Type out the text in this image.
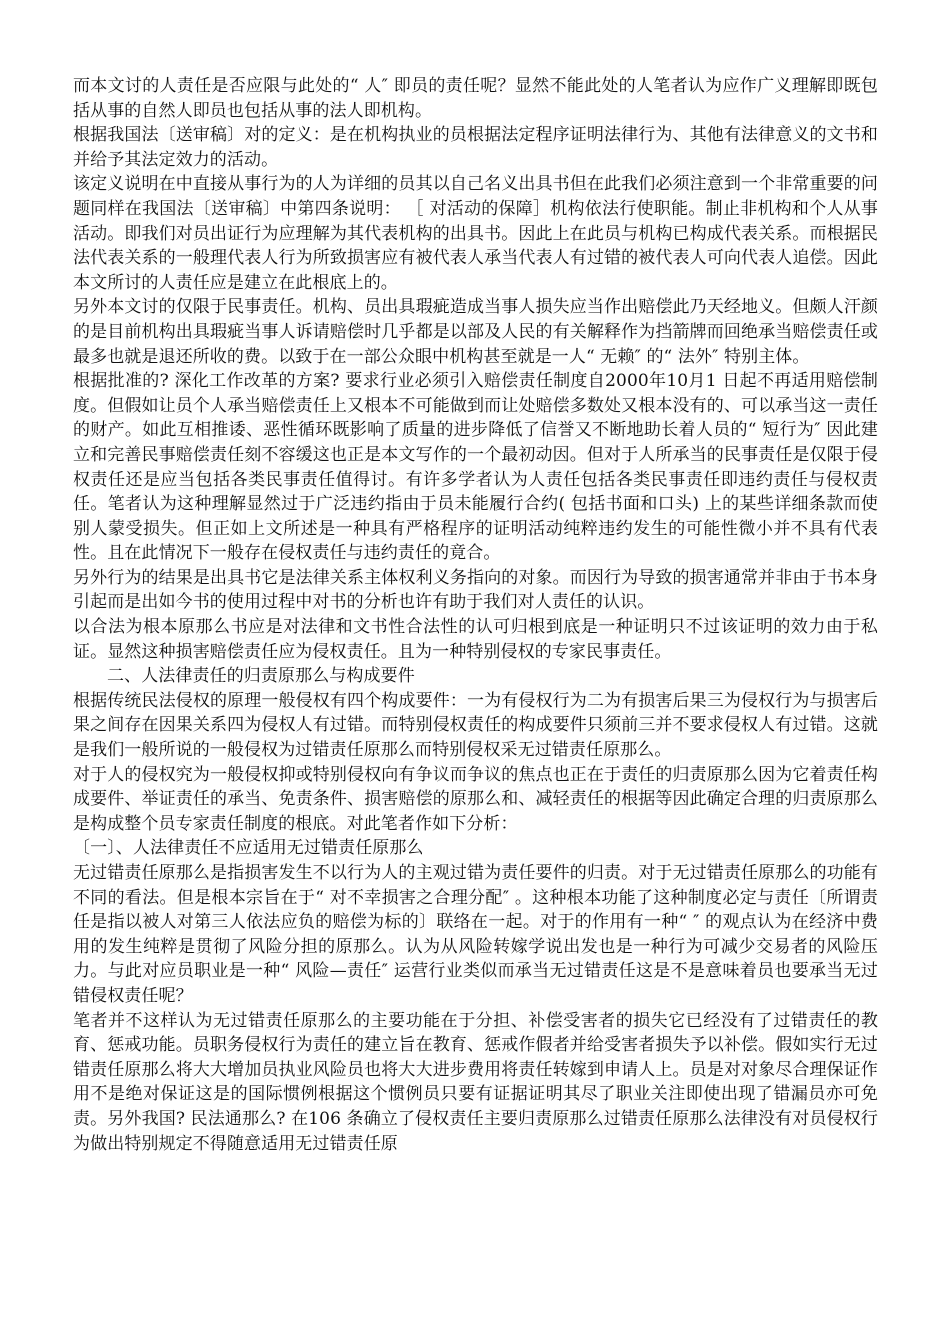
而本文讨的人责任是否应限与此处的“ 人″ 即员的责任呢？显然不能此处的人笔者认为应作广义理解即既包括从事的自然人即员也包括从事的法人即机构。

根据我国法〔送审稿〕对的定义：是在机构执业的员根据法定程序证明法律行为、其他有法律意义的文书和并给予其法定效力的活动。

该定义说明在中直接从事行为的人为详细的员其以自己名义出具书但在此我们必须注意到一个非常重要的问题同样在我国法〔送审稿〕中第四条说明： ［ 对活动的保障］机构依法行使职能。制止非机构和个人从事活动。即我们对员出证行为应理解为其代表机构的出具书。因此上在此员与机构已构成代表关系。而根据民法代表关系的一般理代表人行为所致损害应有被代表人承当代表人有过错的被代表人可向代表人追偿。因此本文所讨的人责任应是建立在此根底上的。

另外本文讨的仅限于民事责任。机构、员出具瑕疵造成当事人损失应当作出赔偿此乃天经地义。但颇人汗颜的是目前机构出具瑕疵当事人诉请赔偿时几乎都是以部及人民的有关解释作为挡箭牌而回绝承当赔偿责任或最多也就是退还所收的费。以致于在一部公众眼中机构甚至就是一人“ 无赖″ 的“ 法外″ 特别主体。

根据批准的? 深化工作改革的方案? 要求行业必须引入赔偿责任制度自2000年10月1 日起不再适用赔偿制度。但假如让员个人承当赔偿责任上又根本不可能做到而让处赔偿多数处又根本没有的、可以承当这一责任的财产。如此互相推诿、恶性循环既影响了质量的进步降低了信誉又不断地助长着人员的“ 短行为″ 因此建立和完善民事赔偿责任刻不容缓这也正是本文写作的一个最初动因。但对于人所承当的民事责任是仅限于侵权责任还是应当包括各类民事责任值得讨。有许多学者认为人责任包括各类民事责任即违约责任与侵权责任。笔者认为这种理解显然过于广泛违约指由于员未能履行合约( 包括书面和口头) 上的某些详细条款而使别人蒙受损失。但正如上文所述是一种具有严格程序的证明活动纯粹违约发生的可能性微小并不具有代表性。且在此情况下一般存在侵权责任与违约责任的竟合。

另外行为的结果是出具书它是法律关系主体权利义务指向的对象。而因行为导致的损害通常并非由于书本身引起而是出如今书的使用过程中对书的分析也许有助于我们对人责任的认识。

以合法为根本原那么书应是对法律和文书性合法性的认可归根到底是一种证明只不过该证明的效力由于私证。显然这种损害赔偿责任应为侵权责任。且为一种特别侵权的专家民事责任。

二、人法律责任的归责原那么与构成要件

根据传统民法侵权的原理一般侵权有四个构成要件：一为有侵权行为二为有损害后果三为侵权行为与损害后果之间存在因果关系四为侵权人有过错。而特别侵权责任的构成要件只须前三并不要求侵权人有过错。这就是我们一般所说的一般侵权为过错责任原那么而特别侵权采无过错责任原那么。

对于人的侵权究为一般侵权抑或特别侵权向有争议而争议的焦点也正在于责任的归责原那么因为它着责任构成要件、举证责任的承当、免责条件、损害赔偿的原那么和、减轻责任的根据等因此确定合理的归责原那么是构成整个员专家责任制度的根底。对此笔者作如下分析：

〔一〕、人法律责任不应适用无过错责任原那么

无过错责任原那么是指损害发生不以行为人的主观过错为责任要件的归责。对于无过错责任原那么的功能有不同的看法。但是根本宗旨在于“ 对不幸损害之合理分配″ 。这种根本功能了这种制度必定与责任〔所谓责任是指以被人对第三人依法应负的赔偿为标的〕联络在一起。对于的作用有一种“ ″ 的观点认为在经济中费用的发生纯粹是贯彻了风险分担的原那么。认为从风险转嫁学说出发也是一种行为可减少交易者的风险压力。与此对应员职业是一种“ 风险—责任″ 运营行业类似而承当无过错责任这是不是意味着员也要承当无过错侵权责任呢？

笔者并不这样认为无过错责任原那么的主要功能在于分担、补偿受害者的损失它已经没有了过错责任的教育、惩戒功能。员职务侵权行为责任的建立旨在教育、惩戒作假者并给受害者损失予以补偿。假如实行无过错责任原那么将大大增加员执业风险员也将大大进步费用将责任转嫁到申请人上。员是对对象尽合理保证作用不是绝对保证这是的国际惯例根据这个惯例员只要有证据证明其尽了职业关注即使出现了错漏员亦可免责。另外我国? 民法通那么? 在106 条确立了侵权责任主要归责原那么过错责任原那么法律没有对员侵权行为做出特别规定不得随意适用无过错责任原
